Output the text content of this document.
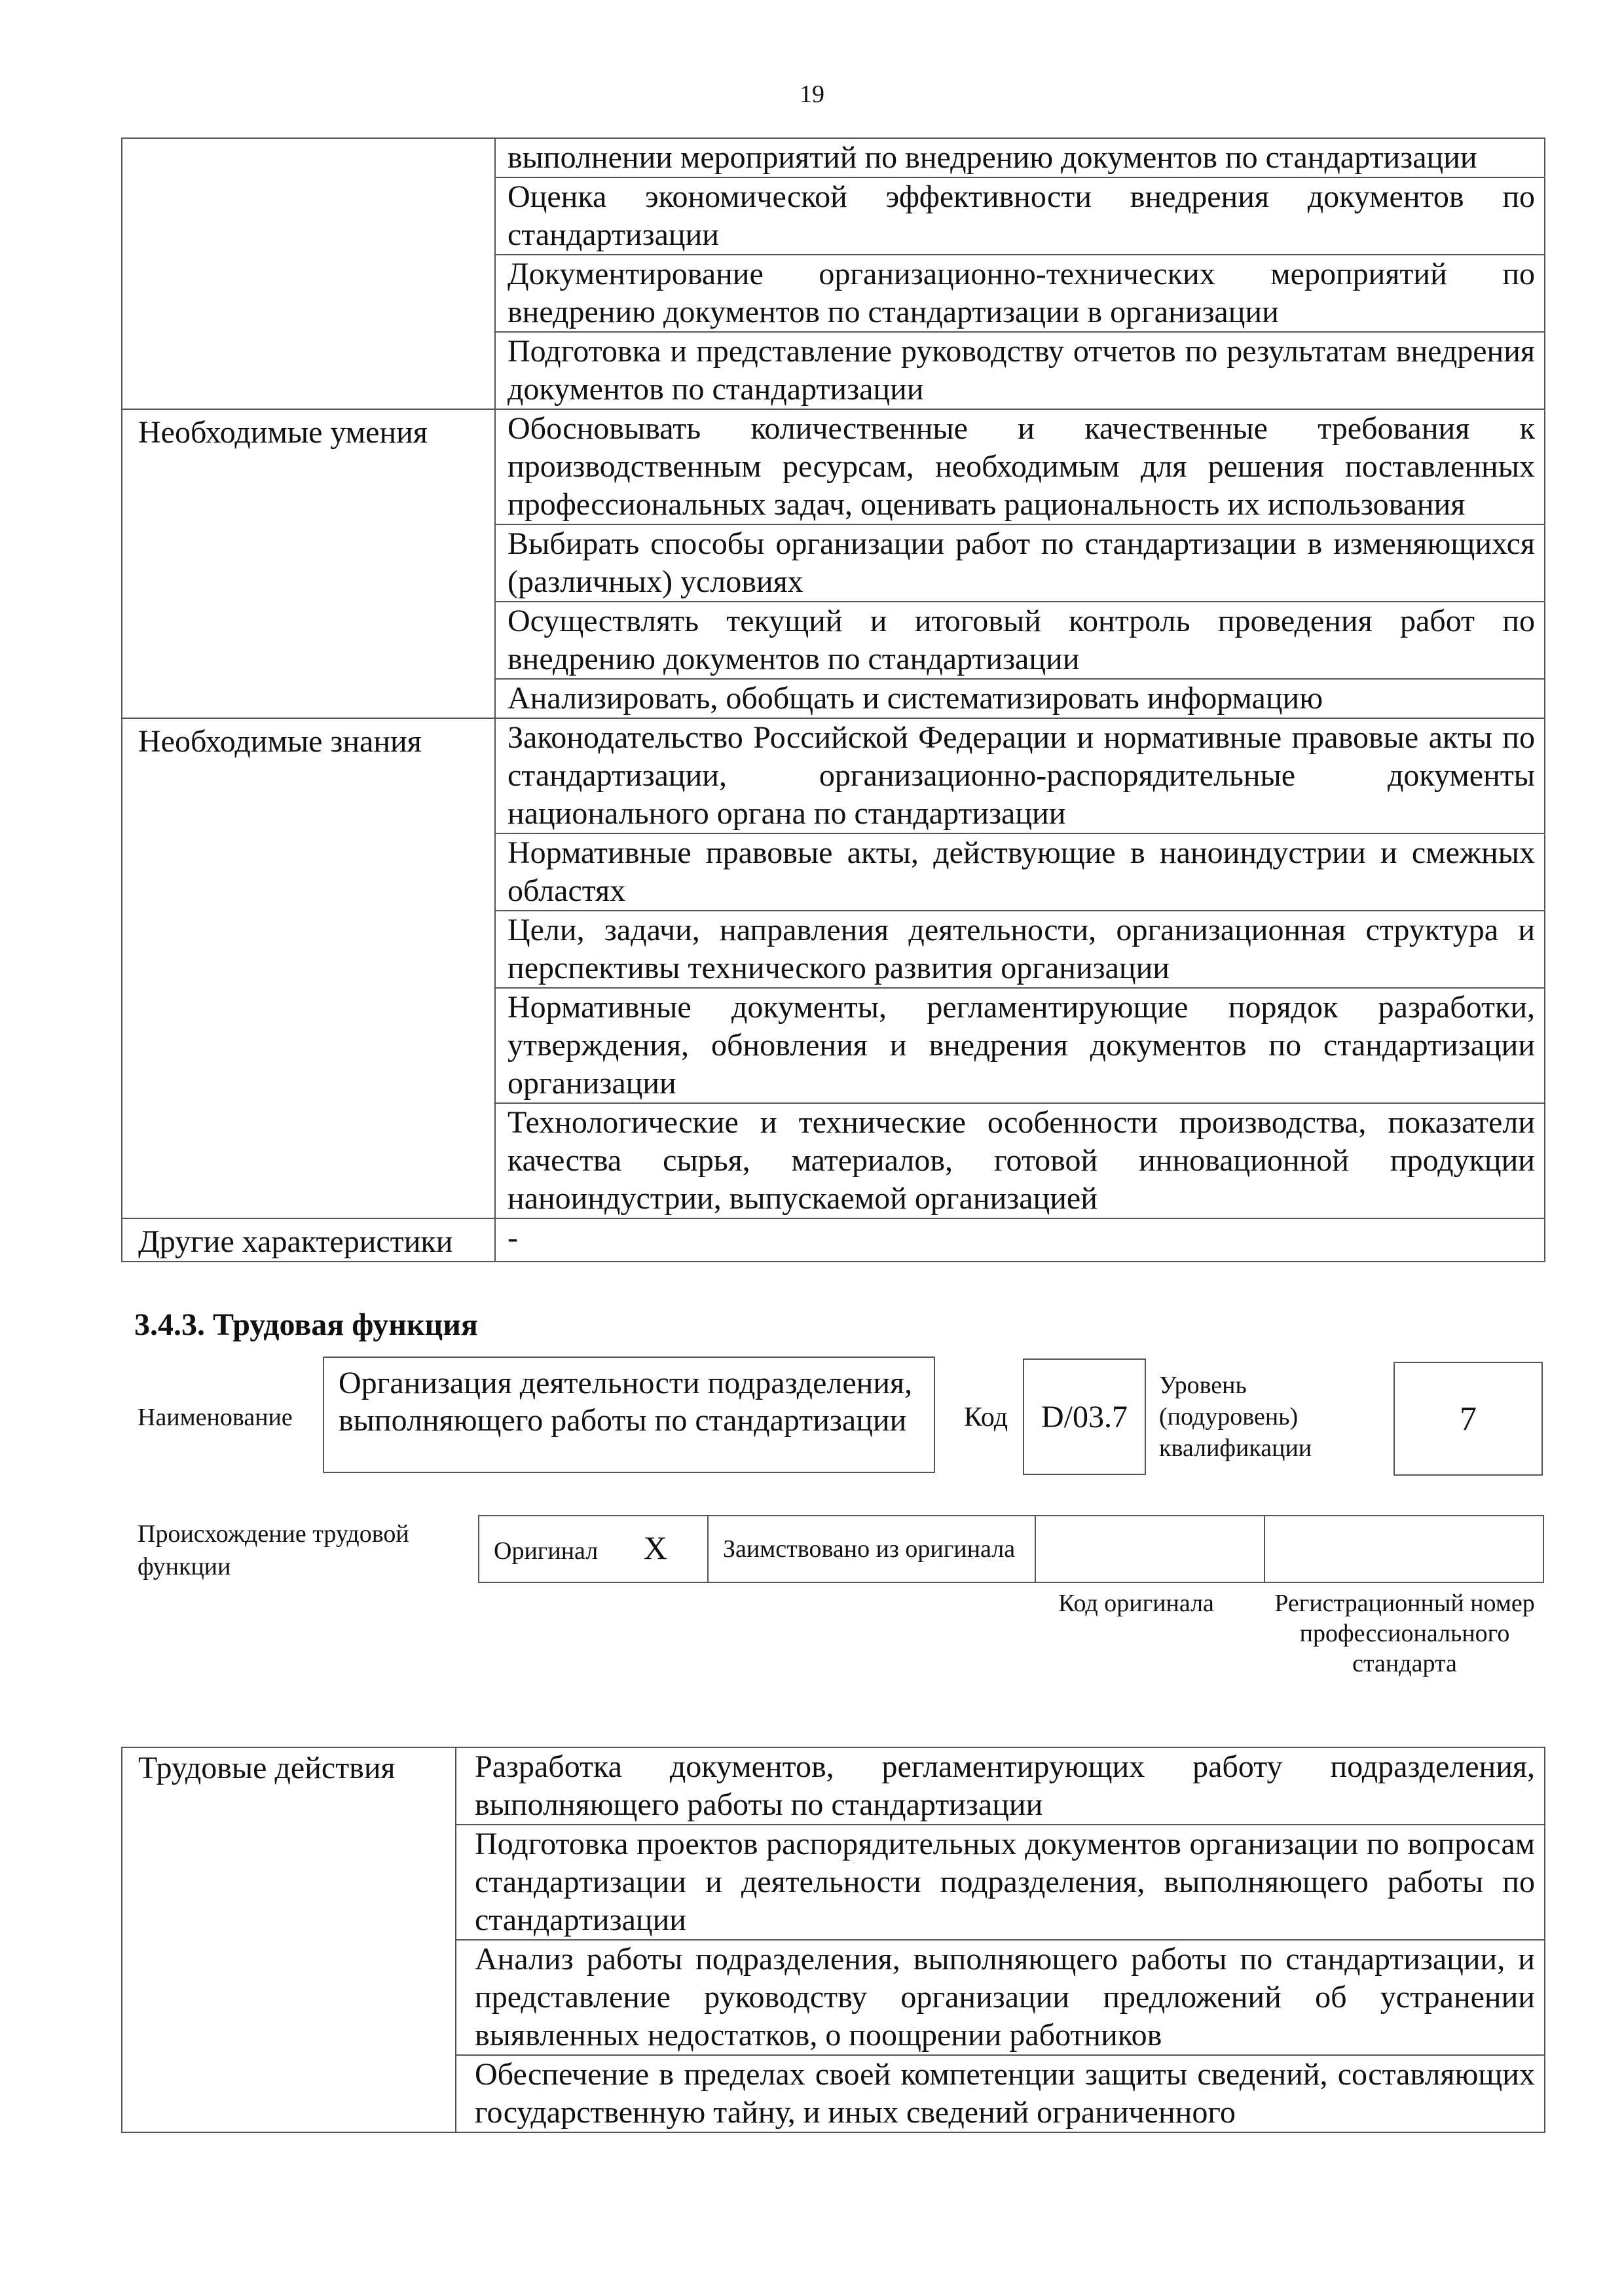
19
	выполнении мероприятий по внедрению документов по стандартизации
	Оценка экономической эффективности внедрения документов по стандартизации
	Документирование организационно-технических мероприятий по внедрению документов по стандартизации в организации
	Подготовка и представление руководству отчетов по результатам внедрения документов по стандартизации
Необходимые умения	Обосновывать количественные и качественные требования к производственным ресурсам, необходимым для решения поставленных профессиональных задач, оценивать рациональность их использования
	Выбирать способы организации работ по стандартизации в изменяющихся (различных) условиях
	Осуществлять текущий и итоговый контроль проведения работ по внедрению документов по стандартизации
	Анализировать, обобщать и систематизировать информацию
Необходимые знания	Законодательство Российской Федерации и нормативные правовые акты по стандартизации, организационно-распорядительные документы национального органа по стандартизации
	Нормативные правовые акты, действующие в наноиндустрии и смежных областях
	Цели, задачи, направления деятельности, организационная структура и перспективы технического развития организации
	Нормативные документы, регламентирующие порядок разработки, утверждения, обновления и внедрения документов по стандартизации организации
	Технологические и технические особенности производства, показатели качества сырья, материалов, готовой инновационной продукции наноиндустрии, выпускаемой организацией
Другие характеристики	-
3.4.3. Трудовая функция
Наименование
Организация деятельности подразделения, выполняющего работы по стандартизации	Код	D/03.7
Уровень (подуровень) квалификации
7
Происхождение трудовой функции
Оригинал X	Заимствовано из оригинала		
Код оригинала	Регистрационный номер профессионального стандарта
Трудовые действия	Разработка документов, регламентирующих работу подразделения, выполняющего работы по стандартизации
Подготовка проектов распорядительных документов организации по вопросам стандартизации и деятельности подразделения, выполняющего работы по стандартизации
Анализ работы подразделения, выполняющего работы по стандартизации, и представление руководству организации предложений об устранении выявленных недостатков, о поощрении работников
Обеспечение в пределах своей компетенции защиты сведений, составляющих государственную тайну, и иных сведений ограниченного
